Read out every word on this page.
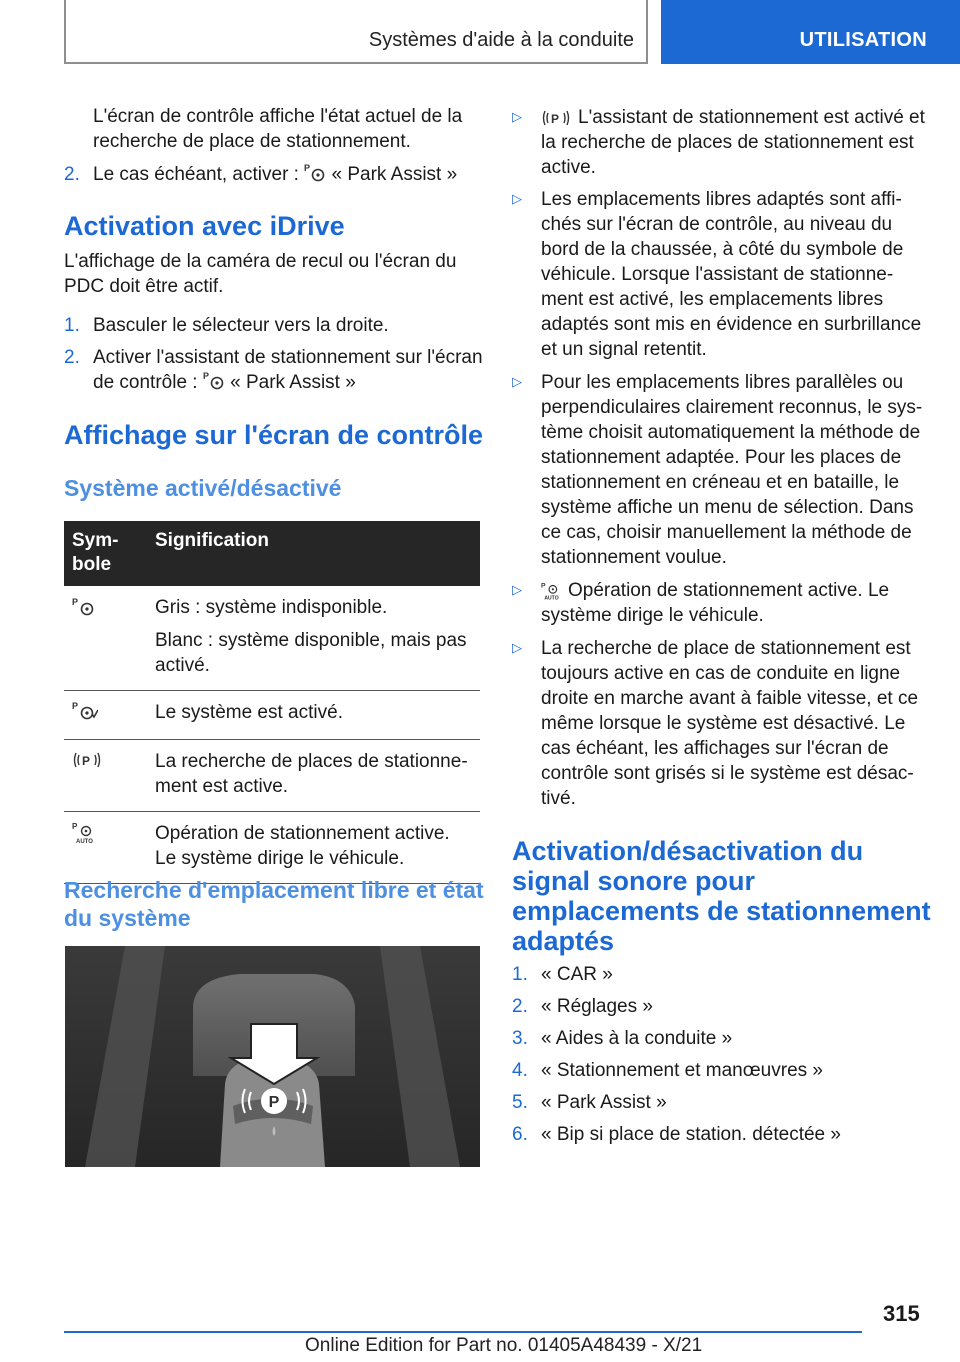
Systèmes d'aide à la conduite	UTILISATION

L'écran de contrôle affiche l'état actuel de la recherche de place de stationnement.

2. Le cas échéant, activer : P « Park Assist »
Activation avec iDrive

L'affichage de la caméra de recul ou l'écran du PDC doit être actif.

1. Basculer le sélecteur vers la droite.
2. Activer l'assistant de stationnement sur l'écran de contrôle : P « Park Assist »
Affichage sur l'écran de contrôle
Système activé/désactivé
Sym-bole	Signification

P	Gris : système indisponible.
Blanc : système disponible, mais pas activé.

P	Le système est activé.

P	La recherche de places de stationne-ment est active.

P
AUTO	Opération de stationnement active. Le système dirige le véhicule.
Recherche d'emplacement libre et état du système
P
▷	L'assistant de stationnement est activé et la recherche de places de stationnement est active.
P
▷ Les emplacements libres adaptés sont affi-chés sur l'écran de contrôle, au niveau du bord de la chaussée, à côté du symbole de véhicule. Lorsque l'assistant de stationne-ment est activé, les emplacements libres adaptés sont mis en évidence en surbrillance et un signal retentit.
▷ Pour les emplacements libres parallèles ou perpendiculaires clairement reconnus, le sys-tème choisit automatiquement la méthode de stationnement adaptée. Pour les places de stationnement en créneau et en bataille, le système affiche un menu de sélection. Dans ce cas, choisir manuellement la méthode de stationnement voulue.
▷	Opération de stationnement active. Le système dirige le véhicule.
P
AUTO
▷ La recherche de place de stationnement est toujours active en cas de conduite en ligne droite en marche avant à faible vitesse, et ce même lorsque le système est désactivé. Le cas échéant, les affichages sur l'écran de contrôle sont grisés si le système est désac-tivé.
Activation/désactivation du signal sonore pour emplacements de stationnement adaptés
1. « CAR »
2. « Réglages »
3. « Aides à la conduite »
4. « Stationnement et manœuvres »
5. « Park Assist »
6. « Bip si place de station. détectée »
315
Online Edition for Part no. 01405A48439 - X/21
